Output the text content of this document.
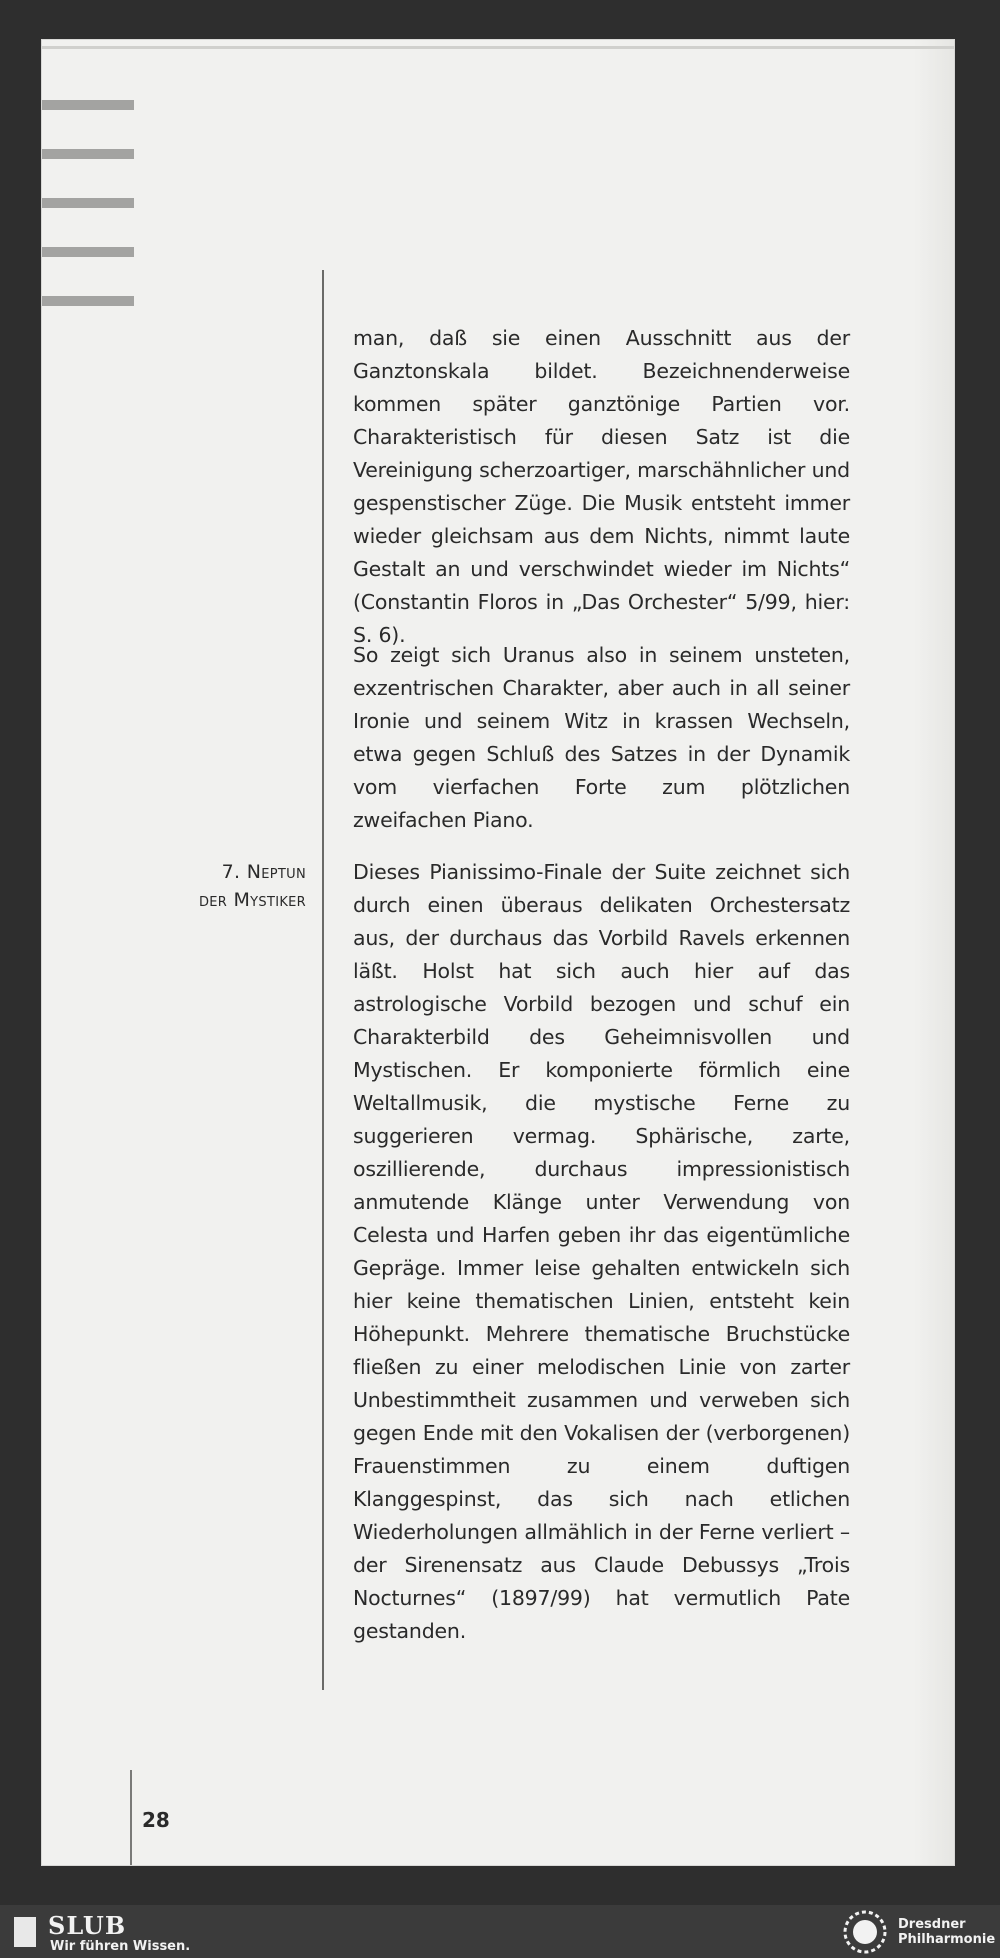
28

man, daß sie einen Ausschnitt aus der Ganztonskala bildet. Bezeichnenderweise kommen später ganztönige Partien vor. Charakteristisch für diesen Satz ist die Vereinigung scherzoartiger, marschähnlicher und gespenstischer Züge. Die Musik entsteht immer wieder gleichsam aus dem Nichts, nimmt laute Gestalt an und verschwindet wieder im Nichts“ (Constantin Floros in „Das Orchester“ 5/99, hier: S. 6).

So zeigt sich Uranus also in seinem unsteten, exzentrischen Charakter, aber auch in all seiner Ironie und seinem Witz in krassen Wechseln, etwa gegen Schluß des Satzes in der Dynamik vom vierfachen Forte zum plötzlichen zweifachen Piano.

Dieses Pianissimo-Finale der Suite zeichnet sich durch einen überaus delikaten Orchestersatz aus, der durchaus das Vorbild Ravels erkennen läßt. Holst hat sich auch hier auf das astrologische Vorbild bezogen und schuf ein Charakterbild des Geheimnisvollen und Mystischen. Er komponierte förmlich eine Weltallmusik, die mystische Ferne zu suggerieren vermag. Sphärische, zarte, oszillierende, durchaus impressionistisch anmutende Klänge unter Verwendung von Celesta und Harfen geben ihr das eigentümliche Gepräge. Immer leise gehalten entwickeln sich hier keine thematischen Linien, entsteht kein Höhepunkt. Mehrere thematische Bruchstücke fließen zu einer melodischen Linie von zarter Unbestimmtheit zusammen und verweben sich gegen Ende mit den Vokalisen der (verborgenen) Frauenstimmen zu einem duftigen Klanggespinst, das sich nach etlichen Wiederholungen allmählich in der Ferne verliert – der Sirenensatz aus Claude Debussys „Trois Nocturnes“ (1897/99) hat vermutlich Pate gestanden.

7. Neptun
der Mystiker
SLUB
Wir führen Wissen.
Dresdner
Philharmonie
